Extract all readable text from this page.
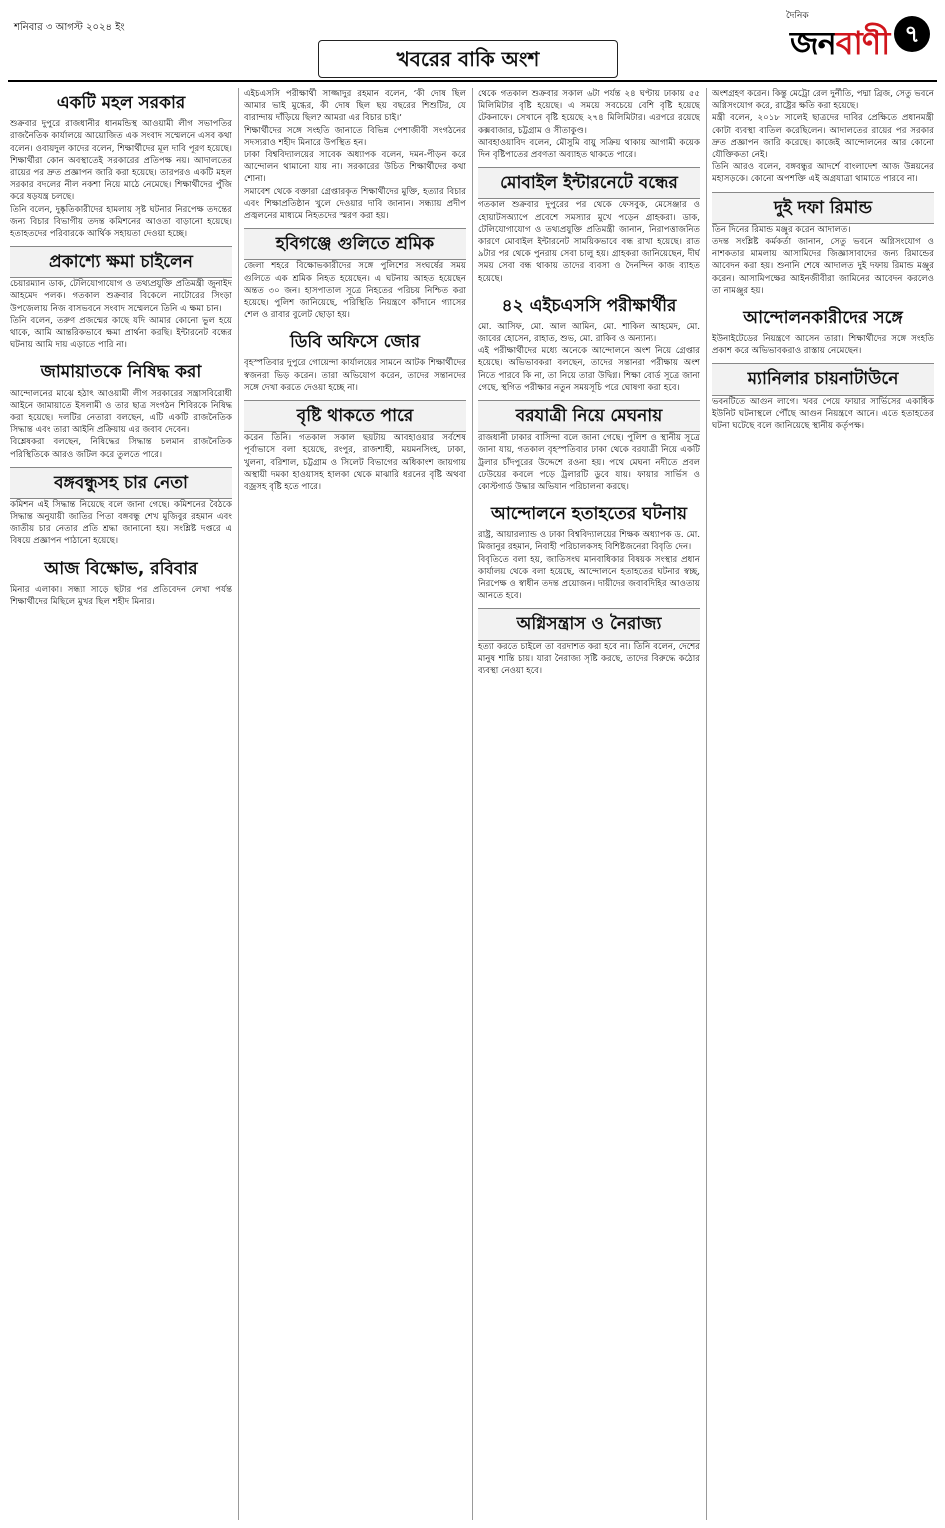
শনিবার ৩ আগস্ট ২০২৪ ইং
খবরের বাকি অংশ
দৈনিক
জনবাণী ৭
একটি মহল সরকার
শুক্রবার দুপুরে রাজধানীর ধানমন্ডিস্থ আওয়ামী লীগ সভাপতির রাজনৈতিক কার্যালয়ে আয়োজিত এক সংবাদ সম্মেলনে এসব কথা বলেন। ওবায়দুল কাদের বলেন, শিক্ষার্থীদের মূল দাবি পূরণ হয়েছে। শিক্ষার্থীরা কোন অবস্থাতেই সরকারের প্রতিপক্ষ নয়। আদালতের রায়ের পর দ্রুত প্রজ্ঞাপন জারি করা হয়েছে। তারপরও একটি মহল সরকার বদলের নীল নকশা নিয়ে মাঠে নেমেছে। শিক্ষার্থীদের পুঁজি করে ষড়যন্ত্র চলছে।
তিনি বলেন, দুষ্কৃতিকারীদের হামলায় সৃষ্ট ঘটনার নিরপেক্ষ তদন্তের জন্য বিচার বিভাগীয় তদন্ত কমিশনের আওতা বাড়ানো হয়েছে। হতাহতদের পরিবারকে আর্থিক সহায়তা দেওয়া হচ্ছে।
প্রকাশ্যে ক্ষমা চাইলেন
চেয়ারম্যান ডাক, টেলিযোগাযোগ ও তথ্যপ্রযুক্তি প্রতিমন্ত্রী জুনাইদ আহমেদ পলক। গতকাল শুক্রবার বিকেলে নাটোরের সিংড়া উপজেলায় নিজ বাসভবনে সংবাদ সম্মেলনে তিনি এ ক্ষমা চান।
তিনি বলেন, তরুণ প্রজন্মের কাছে যদি আমার কোনো ভুল হয়ে থাকে, আমি আন্তরিকভাবে ক্ষমা প্রার্থনা করছি। ইন্টারনেট বন্ধের ঘটনায় আমি দায় এড়াতে পারি না।
জামায়াতকে নিষিদ্ধ করা
আন্দোলনের মাঝে হঠাৎ আওয়ামী লীগ সরকারের সন্ত্রাসবিরোধী আইনে জামায়াতে ইসলামী ও তার ছাত্র সংগঠন শিবিরকে নিষিদ্ধ করা হয়েছে। দলটির নেতারা বলছেন, এটি একটি রাজনৈতিক সিদ্ধান্ত এবং তারা আইনি প্রক্রিয়ায় এর জবাব দেবেন।
বিশ্লেষকরা বলছেন, নিষিদ্ধের সিদ্ধান্ত চলমান রাজনৈতিক পরিস্থিতিকে আরও জটিল করে তুলতে পারে।
বঙ্গবন্ধুসহ চার নেতা
কমিশন এই সিদ্ধান্ত নিয়েছে বলে জানা গেছে। কমিশনের বৈঠকে সিদ্ধান্ত অনুযায়ী জাতির পিতা বঙ্গবন্ধু শেখ মুজিবুর রহমান এবং জাতীয় চার নেতার প্রতি শ্রদ্ধা জানানো হয়। সংশ্লিষ্ট দপ্তরে এ বিষয়ে প্রজ্ঞাপন পাঠানো হয়েছে।
আজ বিক্ষোভ, রবিবার
মিনার এলাকা। সন্ধ্যা সাড়ে ছটার পর প্রতিবেদন লেখা পর্যন্ত শিক্ষার্থীদের মিছিলে মুখর ছিল শহীদ মিনার।
এইচএসসি পরীক্ষার্থী সাজ্জাদুর রহমান বলেন, ‘কী দোষ ছিল আমার ভাই মুগ্ধের, কী দোষ ছিল ছয় বছরের শিশুটির, যে বারান্দায় দাঁড়িয়ে ছিল? আমরা এর বিচার চাই।’
শিক্ষার্থীদের সঙ্গে সংহতি জানাতে বিভিন্ন পেশাজীবী সংগঠনের সদস্যরাও শহীদ মিনারে উপস্থিত হন।
ঢাকা বিশ্ববিদ্যালয়ের সাবেক অধ্যাপক বলেন, দমন-পীড়ন করে আন্দোলন থামানো যায় না। সরকারের উচিত শিক্ষার্থীদের কথা শোনা।
সমাবেশ থেকে বক্তারা গ্রেপ্তারকৃত শিক্ষার্থীদের মুক্তি, হত্যার বিচার এবং শিক্ষাপ্রতিষ্ঠান খুলে দেওয়ার দাবি জানান। সন্ধ্যায় প্রদীপ প্রজ্বলনের মাধ্যমে নিহতদের স্মরণ করা হয়।
হবিগঞ্জে গুলিতে শ্রমিক
জেলা শহরে বিক্ষোভকারীদের সঙ্গে পুলিশের সংঘর্ষের সময় গুলিতে এক শ্রমিক নিহত হয়েছেন। এ ঘটনায় আহত হয়েছেন অন্তত ৩০ জন। হাসপাতাল সূত্রে নিহতের পরিচয় নিশ্চিত করা হয়েছে। পুলিশ জানিয়েছে, পরিস্থিতি নিয়ন্ত্রণে কাঁদানে গ্যাসের শেল ও রাবার বুলেট ছোড়া হয়।
ডিবি অফিসে জোর
বৃহস্পতিবার দুপুরে গোয়েন্দা কার্যালয়ের সামনে আটক শিক্ষার্থীদের স্বজনরা ভিড় করেন। তারা অভিযোগ করেন, তাদের সন্তানদের সঙ্গে দেখা করতে দেওয়া হচ্ছে না।
বৃষ্টি থাকতে পারে
করেন তিনি। গতকাল সকাল ছয়টায় আবহাওয়ার সর্বশেষ পূর্বাভাসে বলা হয়েছে, রংপুর, রাজশাহী, ময়মনসিংহ, ঢাকা, খুলনা, বরিশাল, চট্টগ্রাম ও সিলেট বিভাগের অধিকাংশ জায়গায় অস্থায়ী দমকা হাওয়াসহ হালকা থেকে মাঝারি ধরনের বৃষ্টি অথবা বজ্রসহ বৃষ্টি হতে পারে।
থেকে গতকাল শুক্রবার সকাল ৬টা পর্যন্ত ২৪ ঘণ্টায় ঢাকায় ৫৫ মিলিমিটার বৃষ্টি হয়েছে। এ সময়ে সবচেয়ে বেশি বৃষ্টি হয়েছে টেকনাফে। সেখানে বৃষ্টি হয়েছে ২৭৪ মিলিমিটার। এরপরে রয়েছে কক্সবাজার, চট্টগ্রাম ও সীতাকুণ্ড।
আবহাওয়াবিদ বলেন, মৌসুমি বায়ু সক্রিয় থাকায় আগামী কয়েক দিন বৃষ্টিপাতের প্রবণতা অব্যাহত থাকতে পারে।
মোবাইল ইন্টারনেটে বন্ধের
গতকাল শুক্রবার দুপুরের পর থেকে ফেসবুক, মেসেঞ্জার ও হোয়াটসঅ্যাপে প্রবেশে সমস্যার মুখে পড়েন গ্রাহকরা। ডাক, টেলিযোগাযোগ ও তথ্যপ্রযুক্তি প্রতিমন্ত্রী জানান, নিরাপত্তাজনিত কারণে মোবাইল ইন্টারনেট সাময়িকভাবে বন্ধ রাখা হয়েছে। রাত ৯টার পর থেকে পুনরায় সেবা চালু হয়। গ্রাহকরা জানিয়েছেন, দীর্ঘ সময় সেবা বন্ধ থাকায় তাদের ব্যবসা ও দৈনন্দিন কাজ ব্যাহত হয়েছে।
৪২ এইচএসসি পরীক্ষার্থীর
মো. আসিফ, মো. আল আমিন, মো. শাকিল আহমেদ, মো. জাবের হোসেন, রাহাত, শুভ, মো. রাকিব ও অন্যান্য।
এই পরীক্ষার্থীদের মধ্যে অনেকে আন্দোলনে অংশ নিয়ে গ্রেপ্তার হয়েছে। অভিভাবকরা বলছেন, তাদের সন্তানরা পরীক্ষায় অংশ নিতে পারবে কি না, তা নিয়ে তারা উদ্বিগ্ন। শিক্ষা বোর্ড সূত্রে জানা গেছে, স্থগিত পরীক্ষার নতুন সময়সূচি পরে ঘোষণা করা হবে।
বরযাত্রী নিয়ে মেঘনায়
রাজধানী ঢাকার বাসিন্দা বলে জানা গেছে। পুলিশ ও স্থানীয় সূত্রে জানা যায়, গতকাল বৃহস্পতিবার ঢাকা থেকে বরযাত্রী নিয়ে একটি ট্রলার চাঁদপুরের উদ্দেশে রওনা হয়। পথে মেঘনা নদীতে প্রবল ঢেউয়ের কবলে পড়ে ট্রলারটি ডুবে যায়। ফায়ার সার্ভিস ও কোস্টগার্ড উদ্ধার অভিযান পরিচালনা করছে।
আন্দোলনে হতাহতের ঘটনায়
রাষ্ট্র, আয়ারল্যান্ড ও ঢাকা বিশ্ববিদ্যালয়ের শিক্ষক অধ্যাপক ড. মো. মিজানুর রহমান, নিবাহী পরিচালকসহ বিশিষ্টজনেরা বিবৃতি দেন।
বিবৃতিতে বলা হয়, জাতিসংঘ মানবাধিকার বিষয়ক সংস্থার প্রধান কার্যালয় থেকে বলা হয়েছে, আন্দোলনে হতাহতের ঘটনার স্বচ্ছ, নিরপেক্ষ ও স্বাধীন তদন্ত প্রয়োজন। দায়ীদের জবাবদিহির আওতায় আনতে হবে।
অগ্নিসন্ত্রাস ও নৈরাজ্য
হত্যা করতে চাইলে তা বরদাশত করা হবে না। তিনি বলেন, দেশের মানুষ শান্তি চায়। যারা নৈরাজ্য সৃষ্টি করছে, তাদের বিরুদ্ধে কঠোর ব্যবস্থা নেওয়া হবে।
অংশগ্রহণ করেন। কিন্তু মেট্রো রেল দুর্নীতি, পদ্মা ব্রিজ, সেতু ভবনে অগ্নিসংযোগ করে, রাষ্ট্রের ক্ষতি করা হয়েছে।
মন্ত্রী বলেন, ২০১৮ সালেই ছাত্রদের দাবির প্রেক্ষিতে প্রধানমন্ত্রী কোটা ব্যবস্থা বাতিল করেছিলেন। আদালতের রায়ের পর সরকার দ্রুত প্রজ্ঞাপন জারি করেছে। কাজেই আন্দোলনের আর কোনো যৌক্তিকতা নেই।
তিনি আরও বলেন, বঙ্গবন্ধুর আদর্শে বাংলাদেশ আজ উন্নয়নের মহাসড়কে। কোনো অপশক্তি এই অগ্রযাত্রা থামাতে পারবে না।
দুই দফা রিমান্ড
তিন দিনের রিমান্ড মঞ্জুর করেন আদালত।
তদন্ত সংশ্লিষ্ট কর্মকর্তা জানান, সেতু ভবনে অগ্নিসংযোগ ও নাশকতার মামলায় আসামিদের জিজ্ঞাসাবাদের জন্য রিমান্ডের আবেদন করা হয়। শুনানি শেষে আদালত দুই দফায় রিমান্ড মঞ্জুর করেন। আসামিপক্ষের আইনজীবীরা জামিনের আবেদন করলেও তা নামঞ্জুর হয়।
আন্দোলনকারীদের সঙ্গে
ইউনাইটেডের নিয়ন্ত্রণে আসেন তারা। শিক্ষার্থীদের সঙ্গে সংহতি প্রকাশ করে অভিভাবকরাও রাস্তায় নেমেছেন।
ম্যানিলার চায়নাটাউনে
ভবনটিতে আগুন লাগে। খবর পেয়ে ফায়ার সার্ভিসের একাধিক ইউনিট ঘটনাস্থলে পৌঁছে আগুন নিয়ন্ত্রণে আনে। এতে হতাহতের ঘটনা ঘটেছে বলে জানিয়েছে স্থানীয় কর্তৃপক্ষ।
